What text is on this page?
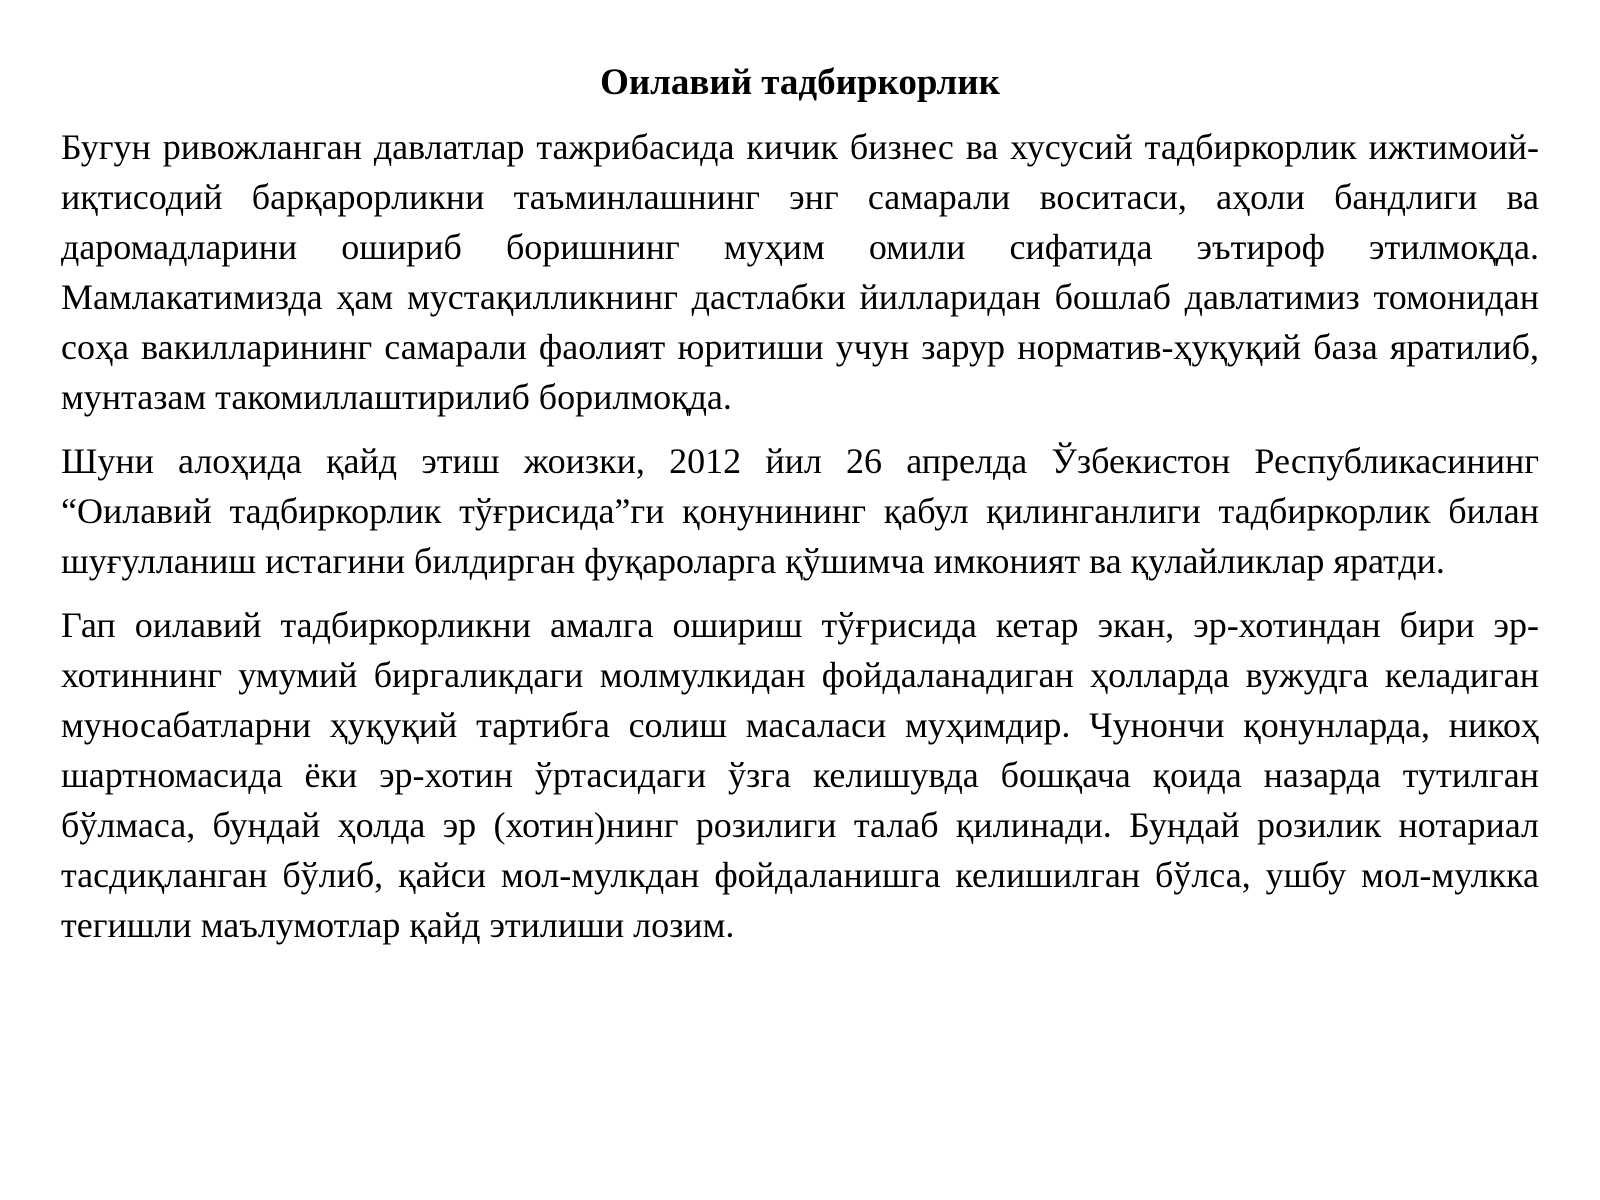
Оилавий тадбиркорлик

Бугун ривожланган давлатлар тажрибасида кичик бизнес ва хусусий тадбиркорлик ижтимоий-иқтисодий барқарорликни таъминлашнинг энг самарали воситаси, аҳоли бандлиги ва даромадларини ошириб боришнинг муҳим омили сифатида эътироф этилмоқда. Мамлакатимизда ҳам мустақилликнинг дастлабки йилларидан бошлаб давлатимиз томонидан соҳа вакилларининг самарали фаолият юритиши учун зарур норматив-ҳуқуқий база яратилиб, мунтазам такомиллаштирилиб борилмоқда.

Шуни алоҳида қайд этиш жоизки, 2012 йил 26 апрелда Ўзбекистон Республикасининг “Оилавий тадбиркорлик тўғрисида”ги қонунининг қабул қилинганлиги тадбиркорлик билан шуғулланиш истагини билдирган фуқароларга қўшимча имконият ва қулайликлар яратди.

Гап оилавий тадбиркорликни амалга ошириш тўғрисида кетар экан, эр-хотиндан бири эр-хотиннинг умумий биргаликдаги молмулкидан фойдаланадиган ҳолларда вужудга келадиган муносабатларни ҳуқуқий тартибга солиш масаласи муҳимдир. Чунончи қонунларда, никоҳ шартномасида ёки эр-хотин ўртасидаги ўзга келишувда бошқача қоида назарда тутилган бўлмаса, бундай ҳолда эр (хотин)нинг розилиги талаб қилинади. Бундай розилик нотариал тасдиқланган бўлиб, қайси мол-мулкдан фойдаланишга келишилган бўлса, ушбу мол-мулкка тегишли маълумотлар қайд этилиши лозим.
